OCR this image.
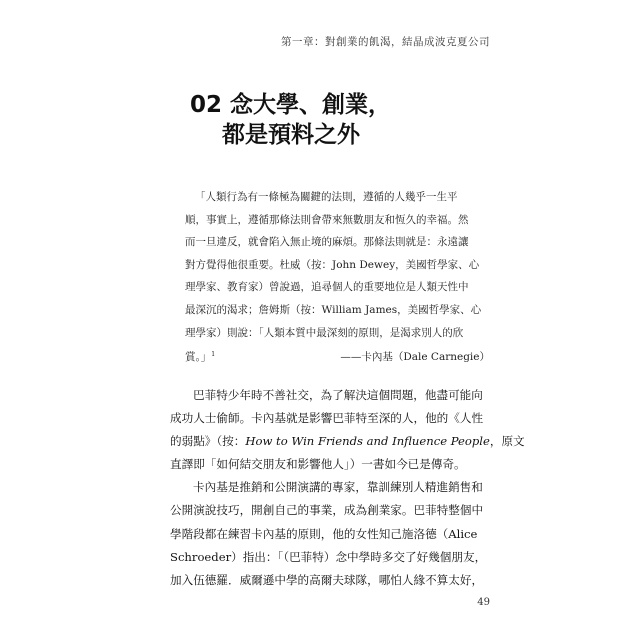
第一章：對創業的飢渴，結晶成波克夏公司
02 念大學、創業，
都是預料之外
「人類行為有一條極為關鍵的法則，遵循的人幾乎一生平
順，事實上，遵循那條法則會帶來無數朋友和恆久的幸福。然
而一旦違反，就會陷入無止境的麻煩。那條法則就是：永遠讓
對方覺得他很重要。杜威（按：John Dewey，美國哲學家、心
理學家、教育家）曾說過，追尋個人的重要地位是人類天性中
最深沉的渴求；詹姆斯（按：William James，美國哲學家、心
理學家）則說：「人類本質中最深刻的原則，是渴求別人的欣
賞。」$^1$	——卡內基（Dale Carnegie）
巴菲特少年時不善社交，為了解決這個問題，他盡可能向
成功人士偷師。卡內基就是影響巴菲特至深的人，他的《人性
的弱點》（按：How to Win Friends and Influence People，原文
直譯即「如何結交朋友和影響他人」）一書如今已是傳奇。
卡內基是推銷和公開演講的專家，靠訓練別人精進銷售和
公開演說技巧，開創自己的事業，成為創業家。巴菲特整個中
學階段都在練習卡內基的原則，他的女性知己施洛德（Alice
Schroeder）指出：「（巴菲特）念中學時多交了好幾個朋友，
加入伍德羅．威爾遜中學的高爾夫球隊，哪怕人緣不算太好，
49
